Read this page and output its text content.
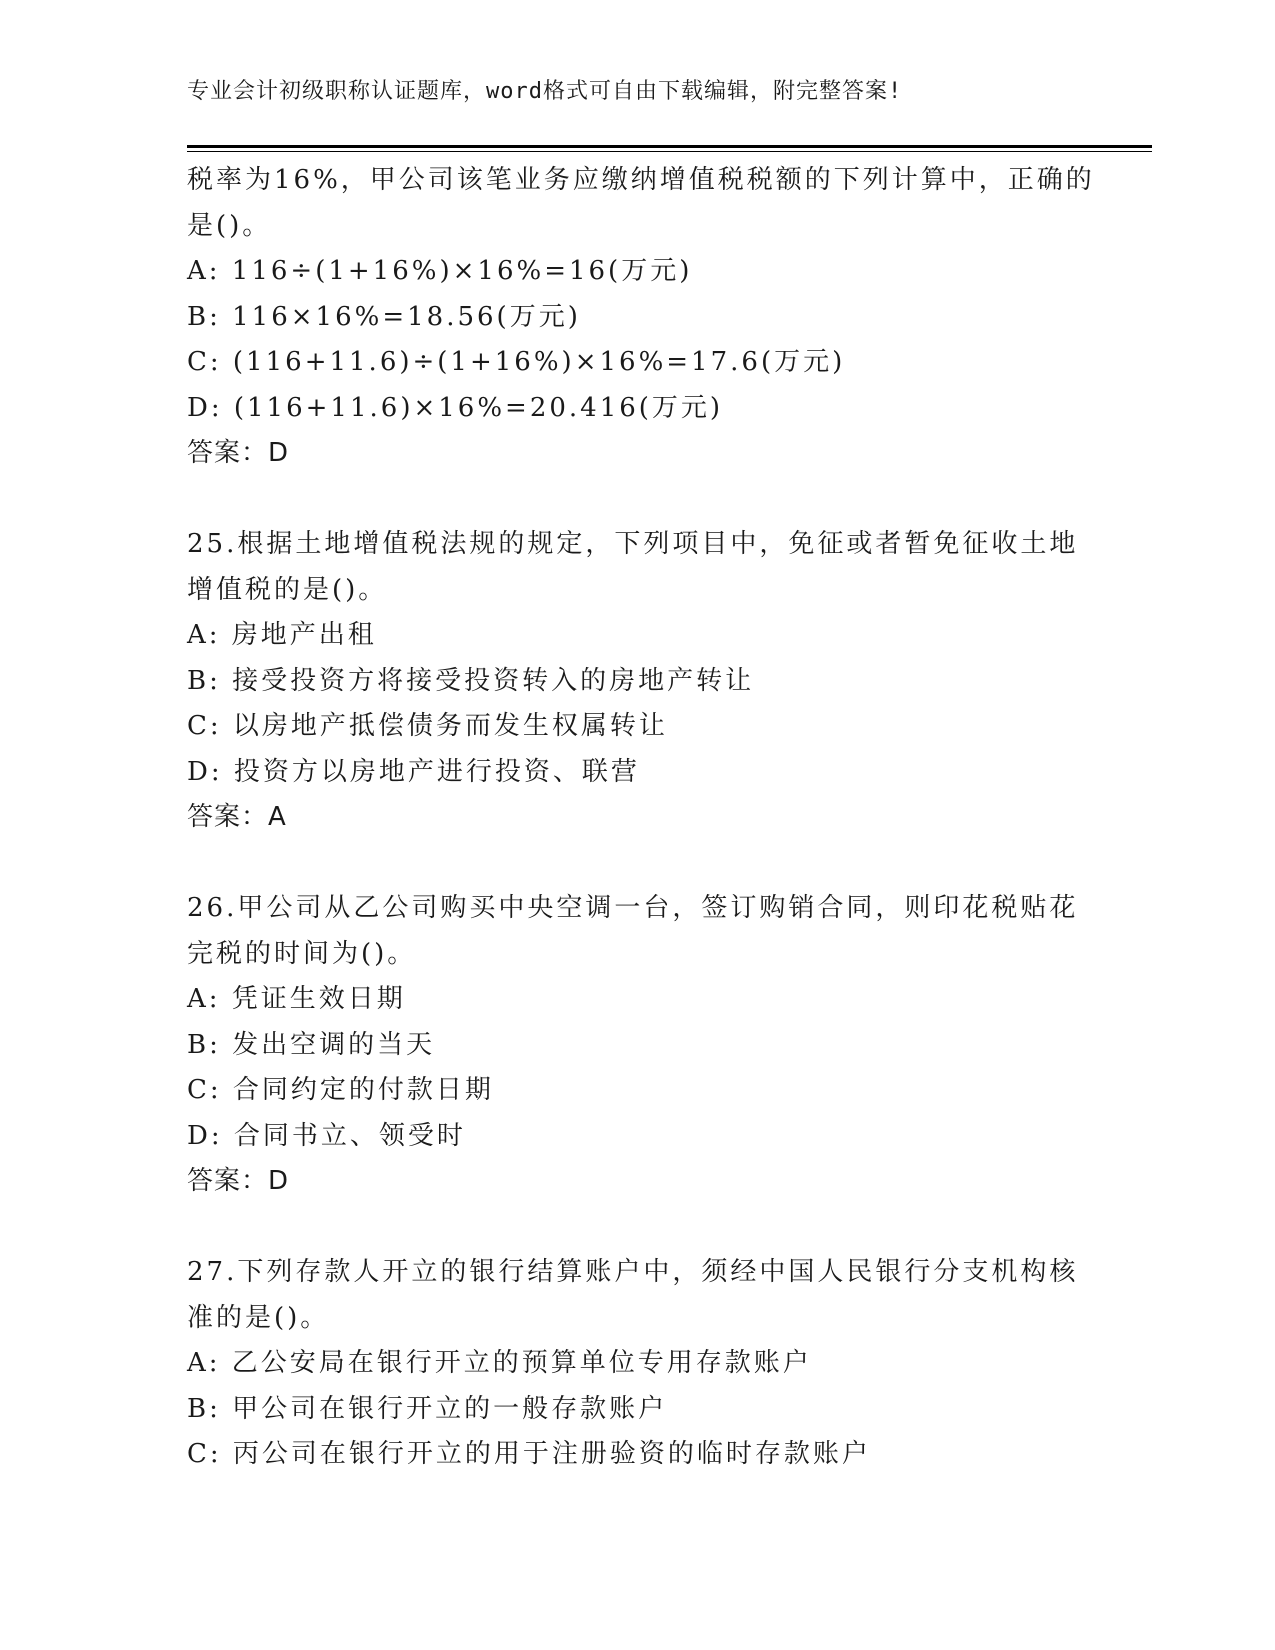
专业会计初级职称认证题库，word格式可自由下载编辑，附完整答案!
税率为16%，甲公司该笔业务应缴纳增值税税额的下列计算中，正确的
是()。
A: 116÷(1+16%)×16%=16(万元)
B: 116×16%=18.56(万元)
C: (116+11.6)÷(1+16%)×16%=17.6(万元)
D: (116+11.6)×16%=20.416(万元)
答案：D
25.根据土地增值税法规的规定，下列项目中，免征或者暂免征收土地
增值税的是()。
A: 房地产出租
B: 接受投资方将接受投资转入的房地产转让
C: 以房地产抵偿债务而发生权属转让
D: 投资方以房地产进行投资、联营
答案：A
26.甲公司从乙公司购买中央空调一台，签订购销合同，则印花税贴花
完税的时间为()。
A: 凭证生效日期
B: 发出空调的当天
C: 合同约定的付款日期
D: 合同书立、领受时
答案：D
27.下列存款人开立的银行结算账户中，须经中国人民银行分支机构核
准的是()。
A: 乙公安局在银行开立的预算单位专用存款账户
B: 甲公司在银行开立的一般存款账户
C: 丙公司在银行开立的用于注册验资的临时存款账户
